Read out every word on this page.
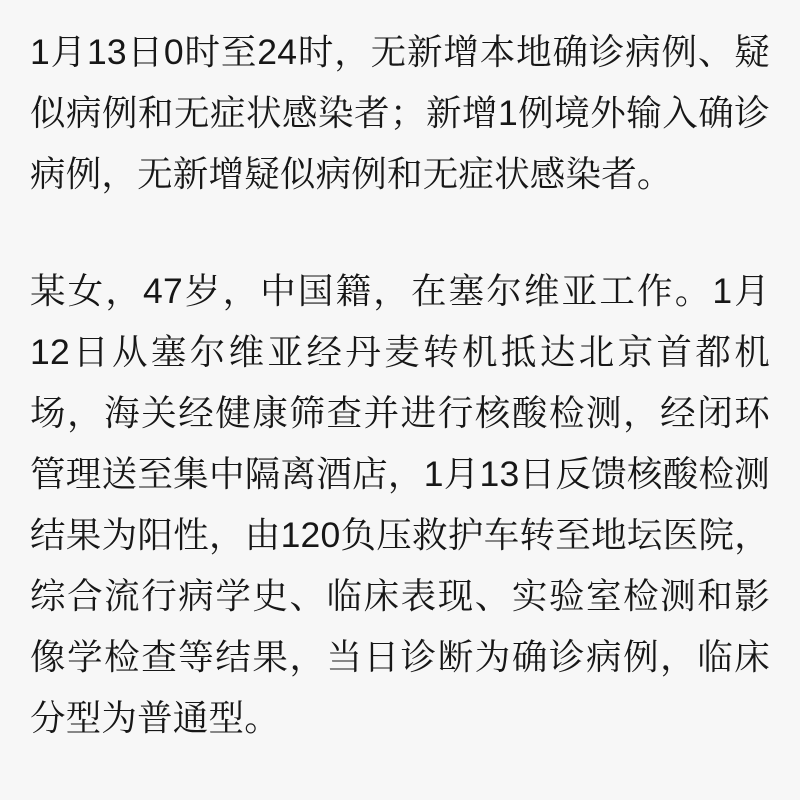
1月13日0时至24时，无新增本地确诊病例、疑似病例和无症状感染者；新增1例境外输入确诊病例，无新增疑似病例和无症状感染者。

某女，47岁，中国籍，在塞尔维亚工作。1月12日从塞尔维亚经丹麦转机抵达北京首都机场，海关经健康筛查并进行核酸检测，经闭环管理送至集中隔离酒店，1月13日反馈核酸检测结果为阳性，由120负压救护车转至地坛医院，综合流行病学史、临床表现、实验室检测和影像学检查等结果，当日诊断为确诊病例，临床分型为普通型。
